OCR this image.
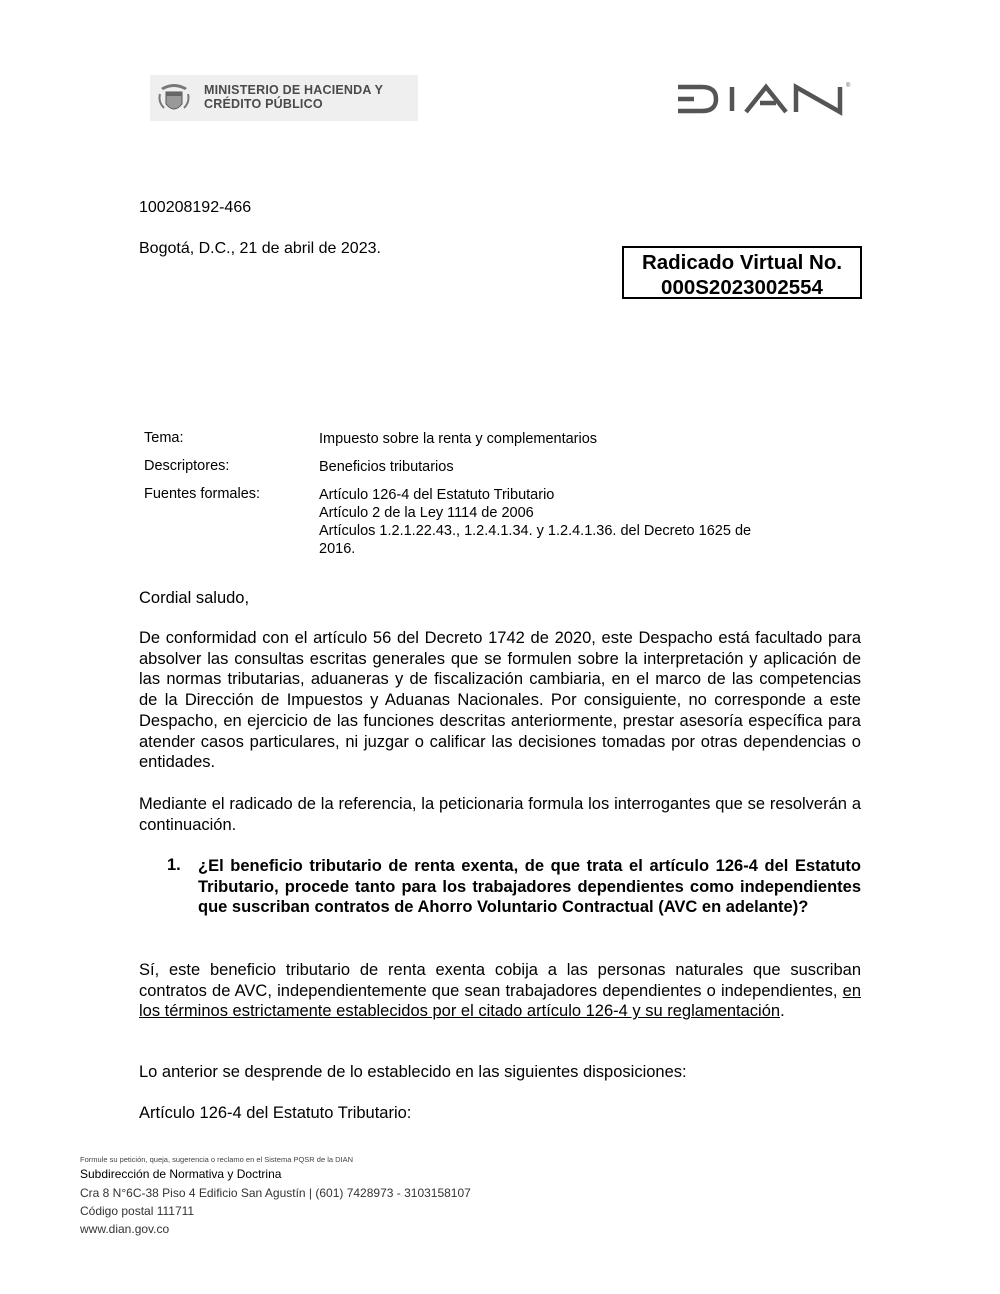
MINISTERIO DE HACIENDA Y
CRÉDITO PÚBLICO
®
100208192-466
Bogotá, D.C., 21 de abril de 2023.
Radicado Virtual No.
000S2023002554
Tema:	Impuesto sobre la renta y complementarios
Descriptores:	Beneficios tributarios
Fuentes formales:	Artículo 126-4 del Estatuto Tributario
Artículo 2 de la Ley 1114 de 2006
Artículos 1.2.1.22.43., 1.2.4.1.34. y 1.2.4.1.36. del Decreto 1625 de
2016.
Cordial saludo,
De conformidad con el artículo 56 del Decreto 1742 de 2020, este Despacho está facultado para absolver las consultas escritas generales que se formulen sobre la interpretación y aplicación de las normas tributarias, aduaneras y de fiscalización cambiaria, en el marco de las competencias de la Dirección de Impuestos y Aduanas Nacionales. Por consiguiente, no corresponde a este Despacho, en ejercicio de las funciones descritas anteriormente, prestar asesoría específica para atender casos particulares, ni juzgar o calificar las decisiones tomadas por otras dependencias o entidades.
Mediante el radicado de la referencia, la peticionaria formula los interrogantes que se resolverán a continuación.
1. ¿El beneficio tributario de renta exenta, de que trata el artículo 126-4 del Estatuto Tributario, procede tanto para los trabajadores dependientes como independientes que suscriban contratos de Ahorro Voluntario Contractual (AVC en adelante)?
Sí, este beneficio tributario de renta exenta cobija a las personas naturales que suscriban contratos de AVC, independientemente que sean trabajadores dependientes o independientes, en los términos estrictamente establecidos por el citado artículo 126-4 y su reglamentación.
Lo anterior se desprende de lo establecido en las siguientes disposiciones:
Artículo 126-4 del Estatuto Tributario:
Formule su petición, queja, sugerencia o reclamo en el Sistema PQSR de la DIAN
Subdirección de Normativa y Doctrina
Cra 8 N°6C-38 Piso 4 Edificio San Agustín | (601) 7428973 - 3103158107
Código postal 111711
www.dian.gov.co
